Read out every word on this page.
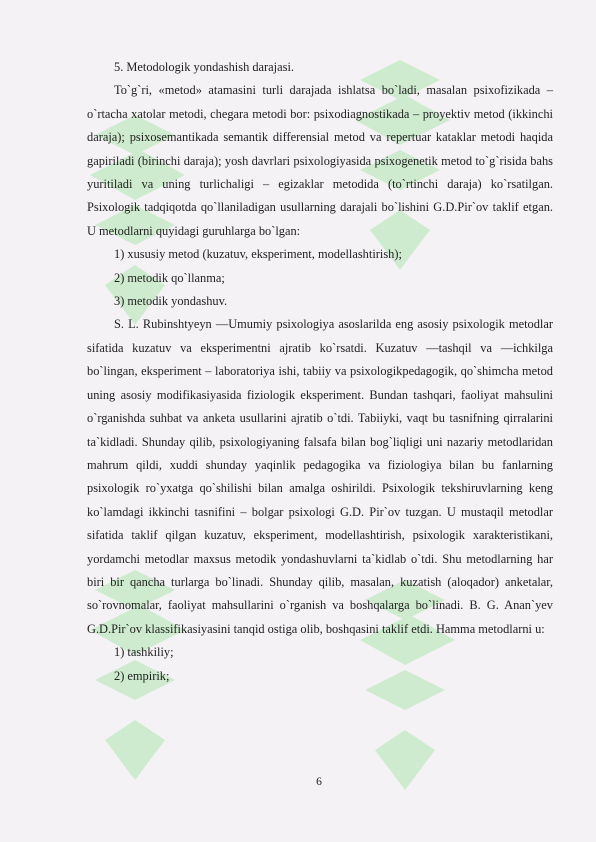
5. Metodologik yondashish darajasi.

To`g`ri, «metod» atamasini turli darajada ishlatsa bo`ladi, masalan psixofizikada – o`rtacha xatolar metodi, chegara metodi bor: psixodiagnostikada – proyektiv metod (ikkinchi daraja); psixosemantikada semantik differensial metod va repertuar kataklar metodi haqida gapiriladi (birinchi daraja); yosh davrlari psixologiyasida psixogenetik metod to`g`risida bahs yuritiladi va uning turlichaligi – egizaklar metodida (to`rtinchi daraja) ko`rsatilgan. Psixologik tadqiqotda qo`llaniladigan usullarning darajali bo`lishini G.D.Pir`ov taklif etgan. U metodlarni quyidagi guruhlarga bo`lgan:

1) xususiy metod (kuzatuv, eksperiment, modellashtirish);

2) metodik qo`llanma;

3) metodik yondashuv.

S. L. Rubinshtyeyn ―Umumiy psixologiya asoslarilda eng asosiy psixologik metodlar sifatida kuzatuv va eksperimentni ajratib ko`rsatdi. Kuzatuv ―tashqil va ―ichkilga bo`lingan, eksperiment – laboratoriya ishi, tabiiy va psixologikpedagogik, qo`shimcha metod uning asosiy modifikasiyasida fiziologik eksperiment. Bundan tashqari, faoliyat mahsulini o`rganishda suhbat va anketa usullarini ajratib o`tdi. Tabiiyki, vaqt bu tasnifning qirralarini ta`kidladi. Shunday qilib, psixologiyaning falsafa bilan bog`liqligi uni nazariy metodlaridan mahrum qildi, xuddi shunday yaqinlik pedagogika va fiziologiya bilan bu fanlarning psixologik ro`yxatga qo`shilishi bilan amalga oshirildi. Psixologik tekshiruvlarning keng ko`lamdagi ikkinchi tasnifini – bolgar psixologi G.D. Pir`ov tuzgan. U mustaqil metodlar sifatida taklif qilgan kuzatuv, eksperiment, modellashtirish, psixologik xarakteristikani, yordamchi metodlar maxsus metodik yondashuvlarni ta`kidlab o`tdi. Shu metodlarning har biri bir qancha turlarga bo`linadi. Shunday qilib, masalan, kuzatish (aloqador) anketalar, so`rovnomalar, faoliyat mahsullarini o`rganish va boshqalarga bo`linadi. B. G. Anan`yev G.D.Pir`ov klassifikasiyasini tanqid ostiga olib, boshqasini taklif etdi. Hamma metodlarni u:

1) tashkiliy;

2) empirik;

6
